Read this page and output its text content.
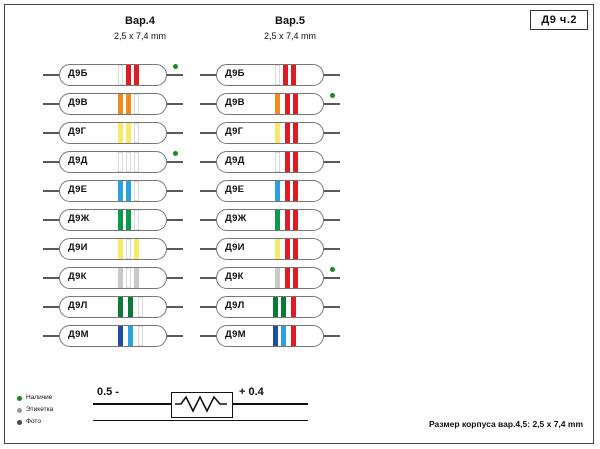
Д9 ч.2
Вар.4
2,5 x 7,4 mm
Вар.5
2,5 x 7,4 mm
Д9Б
Д9В
Д9Г
Д9Д
Д9Е
Д9Ж
Д9И
Д9К
Д9Л
Д9М
Д9Б
Д9В
Д9Г
Д9Д
Д9Е
Д9Ж
Д9И
Д9К
Д9Л
Д9М
Наличие
Этикетка
Фото
0.5 -	+ 0.4
Размер корпуса вар.4,5: 2,5 x 7,4 mm
